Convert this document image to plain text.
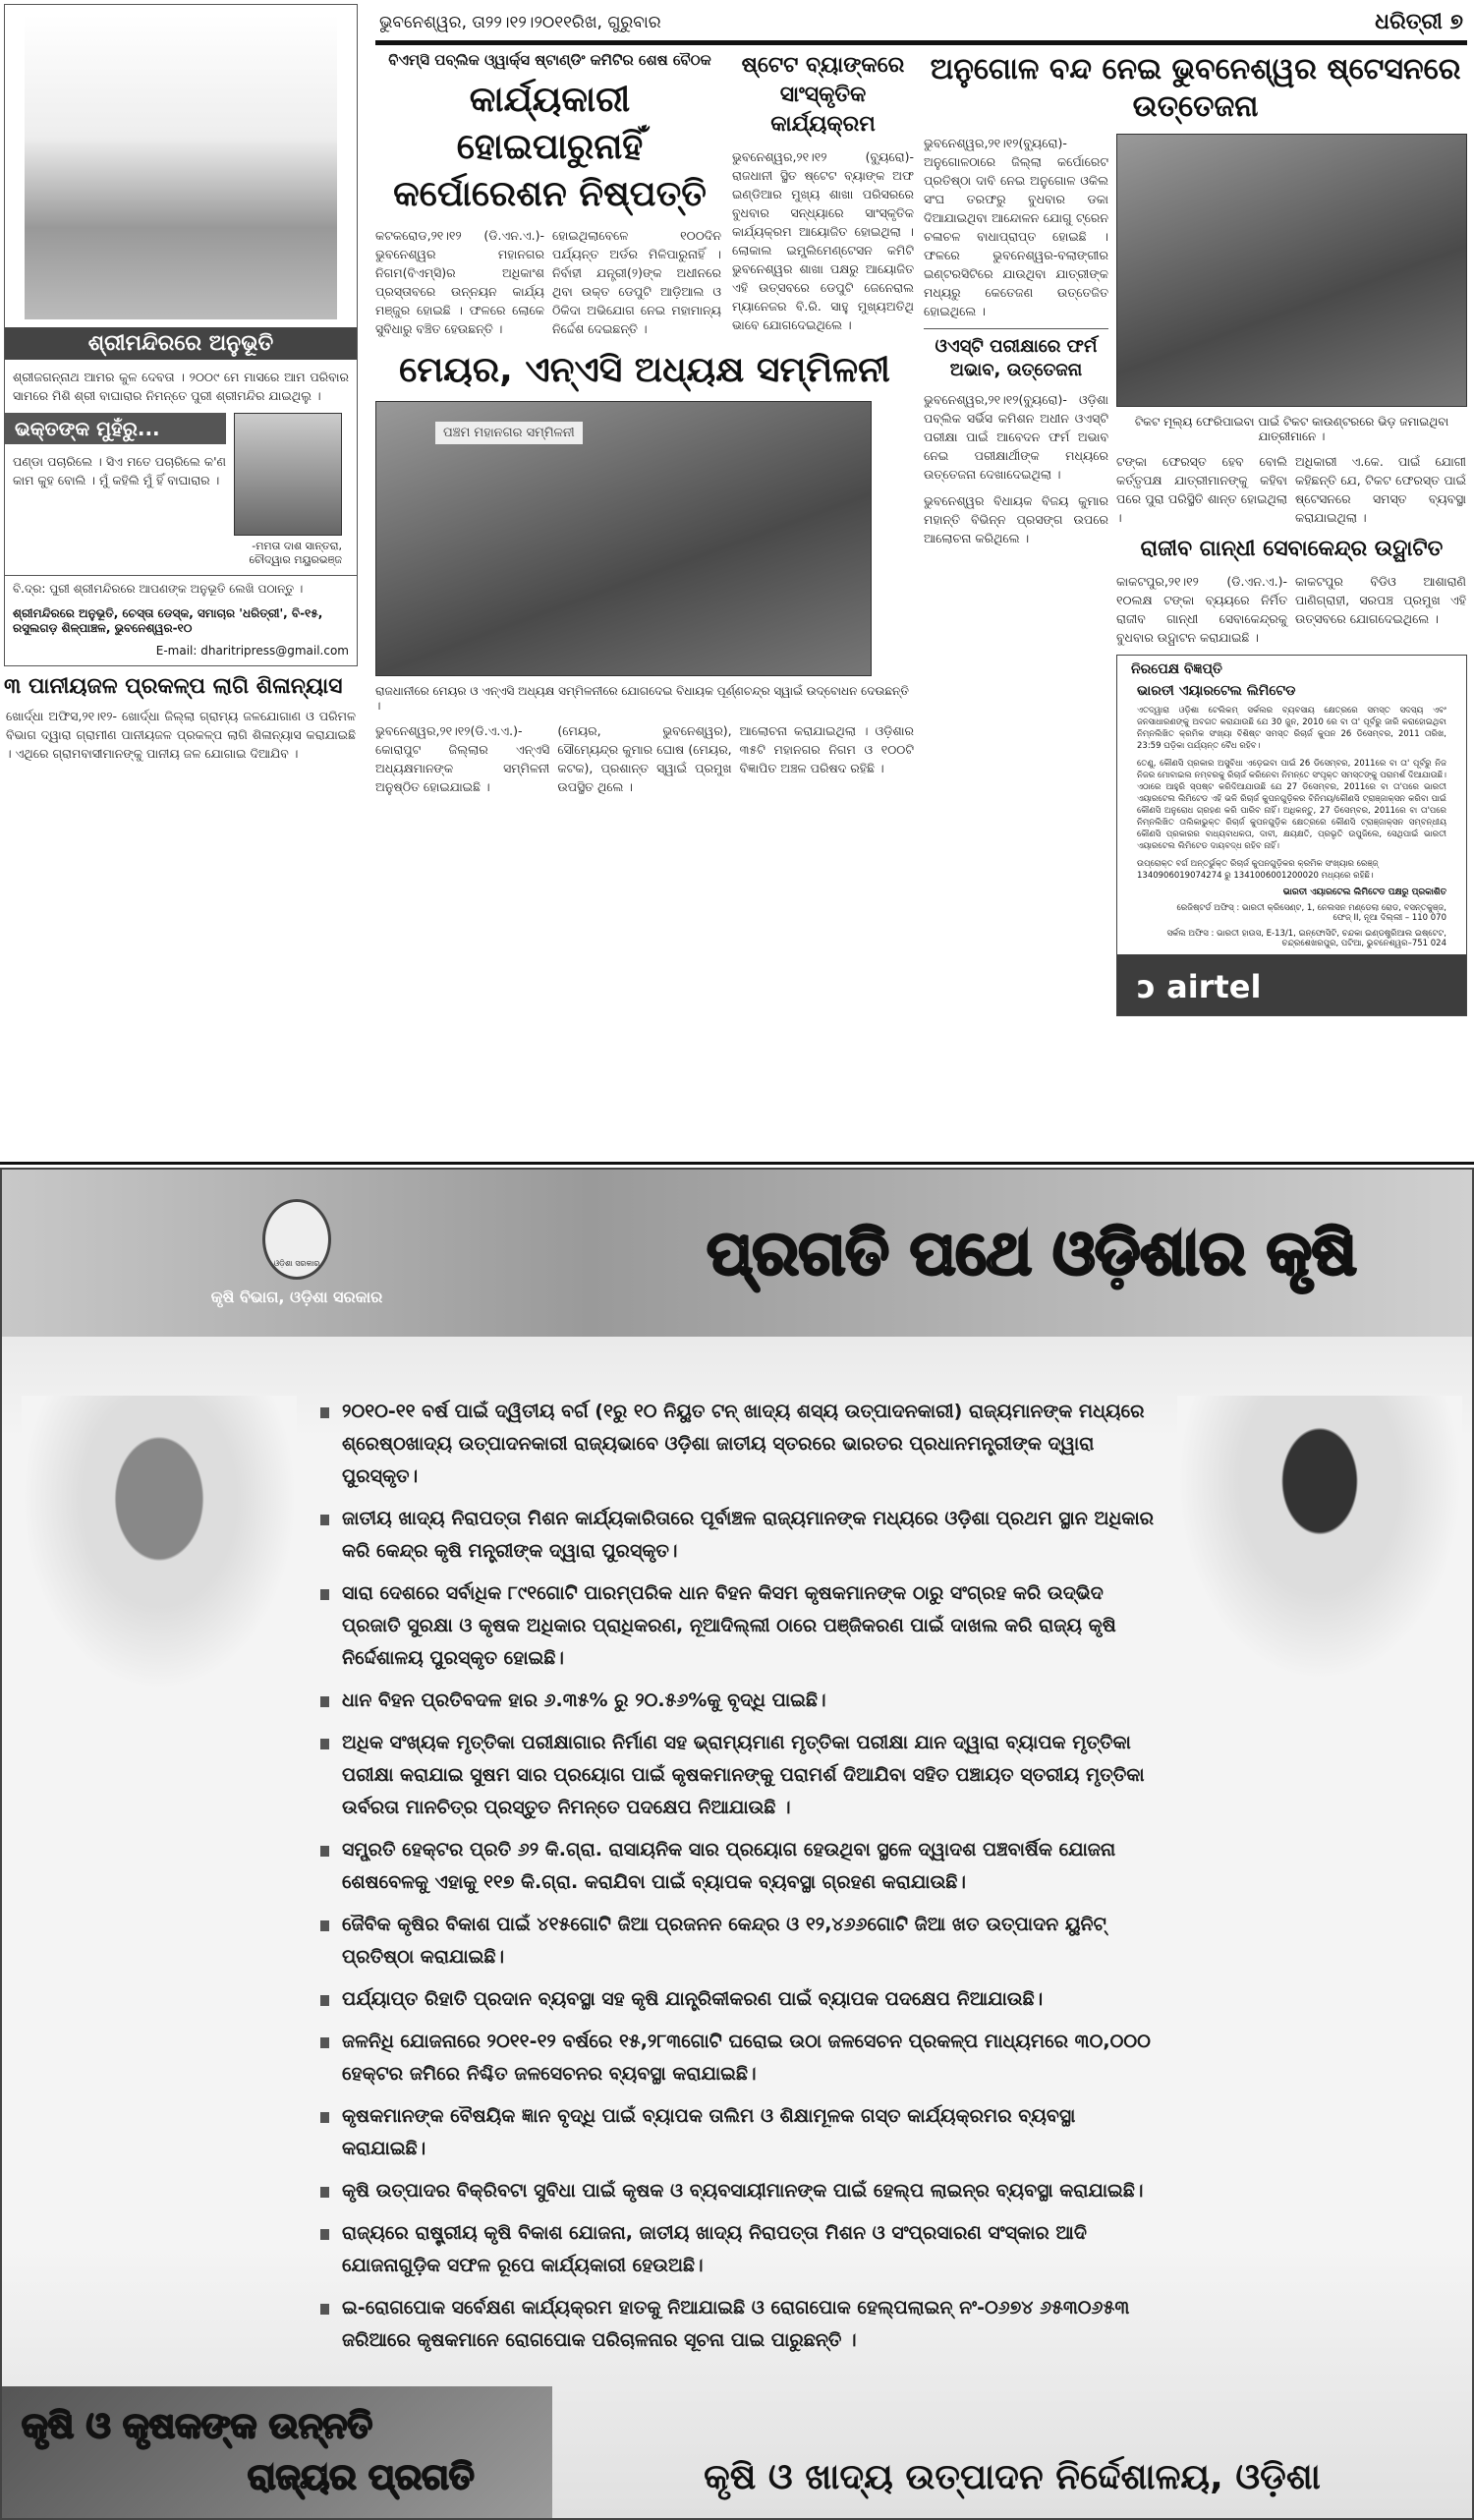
ଶ୍ରୀମନ୍ଦିରରେ ଅନୁଭୂତି
ଶ୍ରୀଜଗନ୍ନାଥ ଆମର କୁଳ ଦେବତା । ୨୦୦୯ ମେ ମାସରେ ଆମ ପରିବାର ସାମରେ ମିଶି ଶ୍ରୀ ବାଘାରାର ନିମନ୍ତେ ପୁରୀ ଶ୍ରୀମନ୍ଦିର ଯାଇଥିଲୁ ।
ଭକ୍ତଙ୍କ ମୁହଁରୁ...
ପଣ୍ଡା ପଚାରିଲେ । ସିଏ ମତେ ପଚାରିଲେ କ'ଣ କାମ କୁହ ବୋଲି । ମୁଁ କହିଲି ମୁଁ ହିଁ ବାଘାରାର ।
-ମମତା ଦାଶ ସାନ୍ତରା, ଚୌଦ୍ୱାର ମୟୁରଭଞ୍ଜ
ବି.ଦ୍ର: ପୁରୀ ଶ୍ରୀମନ୍ଦିରରେ ଆପଣଙ୍କ ଅନୁଭୂତି ଲେଖି ପଠାନ୍ତୁ ।
ଶ୍ରୀମନ୍ଦିରରେ ଅନୁଭୂତି, ଚେସ୍ତା ଡେସ୍କ, ସମାଚାର 'ଧରିତ୍ରୀ', ବି-୧୫, ରସୁଲଗଡ଼ ଶିଳ୍ପାଞ୍ଚଳ, ଭୁବନେଶ୍ୱର-୧୦
E-mail: dharitripress@gmail.com
୩ ପାନୀୟଜଳ ପ୍ରକଳ୍ପ ଲାଗି ଶିଳାନ୍ୟାସ
ଖୋର୍ଦ୍ଧା ଅଫିସ,୨୧।୧୨- ଖୋର୍ଦ୍ଧା ଜିଲ୍ଲା ଗ୍ରାମ୍ୟ ଜଳଯୋଗାଣ ଓ ପରିମଳ ବିଭାଗ ଦ୍ୱାରା ଗ୍ରାମୀଣ ପାନୀୟଜଳ ପ୍ରକଳ୍ପ ଲାଗି ଶିଳାନ୍ୟାସ କରାଯାଇଛି । ଏଥିରେ ଗ୍ରାମବାସୀମାନଙ୍କୁ ପାନୀୟ ଜଳ ଯୋଗାଇ ଦିଆଯିବ ।
ଭୁବନେଶ୍ୱର, ତା୨୨।୧୨।୨୦୧୧ରିଖ, ଗୁରୁବାର	ଧରିତ୍ରୀ ୭
ବିଏମ୍ସି ପବ୍ଲିକ ଓ୍ୱାର୍କ୍ସ ଷ୍ଟାଣ୍ଡିଂ କମିଟିର ଶେଷ ବୈଠକ
କାର୍ଯ୍ୟକାରୀ ହୋଇପାରୁନାହିଁ କର୍ପୋରେଶନ ନିଷ୍ପତ୍ତି
କଟକରୋଡ,୨୧।୧୨ (ଡି.ଏନ.ଏ.)- ଭୁବନେଶ୍ୱର ମହାନଗର ନିଗମ(ବିଏମ୍ସି)ର ଅଧିକାଂଶ ପ୍ରସ୍ତାବରେ ଉନ୍ନୟନ କାର୍ଯ୍ୟ ମଞ୍ଜୁର ହୋଇଛି । ଫଳରେ ଲୋକେ ସୁବିଧାରୁ ବଞ୍ଚିତ ହେଉଛନ୍ତି ।
ହୋଇଥିଲାବେଳେ ୧୦୦ଦିନ ପର୍ଯ୍ୟନ୍ତ ଅର୍ଡର ମିଳିପାରୁନାହିଁ । ନିର୍ବାହୀ ଯନ୍ତ୍ରୀ(୨)ଙ୍କ ଅଧୀନରେ ଥିବା ଉକ୍ତ ଡେପୁଟି ଆଡ଼ିଆଲ ଓ ଠିକିଦା ଅଭିଯୋଗ ନେଇ ମହାମାନ୍ୟ ନିର୍ଦ୍ଦେଶ ଦେଇଛନ୍ତି ।
ଷ୍ଟେଟ ବ୍ୟାଙ୍କରେ ସାଂସ୍କୃତିକ କାର୍ଯ୍ୟକ୍ରମ
ଭୁବନେଶ୍ୱର,୨୧।୧୨ (ବ୍ୟୁରୋ)- ରାଜଧାନୀ ସ୍ଥିତ ଷ୍ଟେଟ ବ୍ୟାଙ୍କ ଅଫ ଇଣ୍ଡିଆର ମୁଖ୍ୟ ଶାଖା ପରିସରରେ ବୁଧବାର ସନ୍ଧ୍ୟାରେ ସାଂସ୍କୃତିକ କାର୍ଯ୍ୟକ୍ରମ ଆୟୋଜିତ ହୋଇଥିଲା । ଲୋକାଲ ଇମ୍ପ୍ଲିମେଣ୍ଟେସନ କମିଟି ଭୁବନେଶ୍ୱର ଶାଖା ପକ୍ଷରୁ ଆୟୋଜିତ ଏହି ଉତ୍ସବରେ ଡେପୁଟି ଜେନେରାଲ ମ୍ୟାନେଜର ବି.ରି. ସାହୁ ମୁଖ୍ୟଅତିଥି ଭାବେ ଯୋଗଦେଇଥିଲେ ।
ମେୟର, ଏନ୍ଏସି ଅଧ୍ୟକ୍ଷ ସମ୍ମିଳନୀ
ପଞ୍ଚମ ମହାନଗର ସମ୍ମିଳନୀ
ରାଜଧାନୀରେ ମେୟର ଓ ଏନ୍ଏସି ଅଧ୍ୟକ୍ଷ ସମ୍ମିଳନୀରେ ଯୋଗଦେଇ ବିଧାୟକ ପୂର୍ଣ୍ଣଚନ୍ଦ୍ର ସ୍ୱାଇଁ ଉଦ୍‌ବୋଧନ ଦେଉଛନ୍ତି ।
ଭୁବନେଶ୍ୱର,୨୧।୧୨(ଡି.ଏ.ଏ.)- କୋରାପୁଟ ଜିଲ୍ଲାର ଏନ୍ଏସି ଅଧ୍ୟକ୍ଷମାନଙ୍କ ସମ୍ମିଳନୀ ଅନୁଷ୍ଠିତ ହୋଇଯାଇଛି ।
(ମେୟର, ଭୁବନେଶ୍ୱର), ସୌମ୍ୟେନ୍ଦ୍ର କୁମାର ଘୋଷ (ମେୟର, କଟକ), ପ୍ରଶାନ୍ତ ସ୍ୱାଇଁ ପ୍ରମୁଖ ଉପସ୍ଥିତ ଥିଲେ ।
ଆଲୋଚନା କରାଯାଇଥିଲା । ଓଡ଼ିଶାର ୩୫ଟି ମହାନଗର ନିଗମ ଓ ୧୦୦ଟି ବିଜ୍ଞାପିତ ଅଞ୍ଚଳ ପରିଷଦ ରହିଛି ।
ଅନୁଗୋଳ ବନ୍ଦ ନେଇ ଭୁବନେଶ୍ୱର ଷ୍ଟେସନରେ ଉତ୍ତେଜନା
ଭୁବନେଶ୍ୱର,୨୧।୧୨(ବ୍ୟୁରୋ)- ଅନୁଗୋଳଠାରେ ଜିଲ୍ଲା କର୍ପୋରେଟ ପ୍ରତିଷ୍ଠା ଦାବି ନେଇ ଅନୁଗୋଳ ଓକିଲ ସଂଘ ତରଫରୁ ବୁଧବାର ଡକା ଦିଆଯାଇଥିବା ଆନ୍ଦୋଳନ ଯୋଗୁ ଟ୍ରେନ ଚଳାଚଳ ବାଧାପ୍ରାପ୍ତ ହୋଇଛି । ଫଳରେ ଭୁବନେଶ୍ୱର-ବଲାଙ୍ଗୀର ଇଣ୍ଟରସିଟିରେ ଯାଉଥିବା ଯାତ୍ରୀଙ୍କ ମଧ୍ୟରୁ କେତେଜଣ ଉତ୍ତେଜିତ ହୋଇଥିଲେ ।
ଓଏସ୍ଟି ପରୀକ୍ଷାରେ ଫର୍ମ ଅଭାବ, ଉତ୍ତେଜନା
ଭୁବନେଶ୍ୱର,୨୧।୧୨(ବ୍ୟୁରୋ)- ଓଡ଼ିଶା ପବ୍ଲିକ ସର୍ଭିସ କମିଶନ ଅଧୀନ ଓଏସ୍ଟି ପରୀକ୍ଷା ପାଇଁ ଆବେଦନ ଫର୍ମ ଅଭାବ ନେଇ ପରୀକ୍ଷାର୍ଥୀଙ୍କ ମଧ୍ୟରେ ଉତ୍ତେଜନା ଦେଖାଦେଇଥିଲା ।
ଭୁବନେଶ୍ୱର ବିଧାୟକ ବିଜୟ କୁମାର ମହାନ୍ତି ବିଭିନ୍ନ ପ୍ରସଙ୍ଗ ଉପରେ ଆଲୋଚନା କରିଥିଲେ ।
ଟିକଟ ମୂଲ୍ୟ ଫେରିପାଇବା ପାଇଁ ଟିକଟ କାଉଣ୍ଟରରେ ଭିଡ଼ ଜମାଇଥିବା ଯାତ୍ରୀମାନେ ।
ଟଙ୍କା ଫେରସ୍ତ ହେବ ବୋଲି କର୍ତ୍ତୃପକ୍ଷ ଯାତ୍ରୀମାନଙ୍କୁ କହିବା ପରେ ପୁରା ପରିସ୍ଥିତି ଶାନ୍ତ ହୋଇଥିଲା ।
ଅଧିକାରୀ ଏ.କେ. ପାଇଁ ଯୋଗୀ କହିଛନ୍ତି ଯେ, ଟିକଟ ଫେରସ୍ତ ପାଇଁ ଷ୍ଟେସନରେ ସମସ୍ତ ବ୍ୟବସ୍ଥା କରାଯାଇଥିଲା ।
ରାଜୀବ ଗାନ୍ଧୀ ସେବାକେନ୍ଦ୍ର ଉଦ୍ଘାଟିତ
କାକଟପୁର,୨୧।୧୨ (ଡି.ଏନ.ଏ.)- ୧୦ଲକ୍ଷ ଟଙ୍କା ବ୍ୟୟରେ ନିର୍ମିତ ରାଜୀବ ଗାନ୍ଧୀ ସେବାକେନ୍ଦ୍ରକୁ ବୁଧବାର ଉଦ୍ଘାଟନ କରାଯାଇଛି ।
କାକଟପୁର ବିଡିଓ ଆଶାରାଣି ପାଣିଗ୍ରାହୀ, ସରପଞ୍ଚ ପ୍ରମୁଖ ଏହି ଉତ୍ସବରେ ଯୋଗଦେଇଥିଲେ ।
ନିରପେକ୍ଷ ବିଜ୍ଞପ୍ତି
ଭାରତୀ ଏୟାରଟେଲ ଲିମିଟେଡ
ଏତଦ୍ୱାରା ଓଡ଼ିଶା ଟେଲିକମ୍ ସର୍କଲର ବ୍ୟବସାୟ କ୍ଷେତ୍ରରେ ସମସ୍ତ ସଦସ୍ୟ ଏବଂ ଜନସାଧାରଣଙ୍କୁ ଅବଗତ କରାଯାଉଛି ଯେ 30 ଜୁନ, 2010 ରେ ବା ତା' ପୂର୍ବରୁ ଜାରି କରାହୋଇଥିବା ନିମ୍ନଲିଖିତ କ୍ରମିକ ସଂଖ୍ୟା ବିଶିଷ୍ଟ ସମସ୍ତ ରିଚାର୍ଜ କୁପନ 26 ଡିସେମ୍ବର, 2011 ତାରିଖ, 23:59 ଘଡ଼ିକା ପର୍ଯ୍ୟନ୍ତ ବୈଧ ରହିବ।
ତେଣୁ, କୌଣସି ପ୍ରକାର ଅସୁବିଧା ଏଡ଼େଇବା ପାଇଁ 26 ଡିସେମ୍ବର, 2011ରେ ବା ତା' ପୂର୍ବରୁ ନିଜ ନିଜର ମୋବାଇଲ ନମ୍ବରକୁ ରିଚାର୍ଜ କରିନେବା ନିମନ୍ତେ ସଂପୃକ୍ତ ସମସ୍ତଙ୍କୁ ପରାମର୍ଶ ଦିଆଯାଉଛି। ଏଠାରେ ଆହୁରି ସ୍ପଷ୍ଟ କରିଦିଆଯାଉଛି ଯେ 27 ଡିସେମ୍ବର, 2011ରେ ବା ତା'ପରେ ଭାରତୀ ଏୟାରଟେଲ ଲିମିଟେଡ ଏହି ଭଳି ରିଚାର୍ଜ କୁପନଗୁଡ଼ିକର ବିନିମୟ/କୌଣସି ଟ୍ରାଞ୍ଜାକ୍ସନ କରିବା ପାଇଁ କୌଣସି ଅନୁରୋଧ ଗ୍ରହଣ କରି ପାରିବ ନାହିଁ। ଅଧିକନ୍ତୁ, 27 ଡିସେମ୍ବର, 2011ରେ ବା ତା'ପରେ ନିମ୍ନଲିଖିତ ତାଲିକାଭୁକ୍ତ ରିଚାର୍ଜ କୁପନଗୁଡ଼ିକ କ୍ଷେତ୍ରରେ କୌଣସି ଟ୍ରାଞ୍ଜାକ୍ସନ ସମ୍ବନ୍ଧୀୟ କୌଣସି ପ୍ରକାରର ବାଧ୍ୟବାଧକତା, ଦାବୀ, କ୍ଷୟକ୍ଷତି, ପ୍ରଭୃତି ଉପୁଜିଲେ, ସେଥିପାଇଁ ଭାରତୀ ଏୟାରଟେଲ ଲିମିଟେଡ ଦାୟବଦ୍ଧ ରହିବ ନାହିଁ।
ଉପ୍ରୋକ୍ତ ବର୍ଗ ଅନ୍ତର୍ଭୁକ୍ତ ରିଚାର୍ଜ କୁପନଗୁଡ଼ିକର କ୍ରମିକ ସଂଖ୍ୟାର ରେଞ୍ଜ୍ 13409060190742​74 ରୁ 1341006001200020 ମଧ୍ୟରେ ରହିଛି।
ଭାରତୀ ଏୟାରଟେଲ ଲିମିଟେଡ ପକ୍ଷରୁ ପ୍ରକାଶିତ
ରେଜିଷ୍ଟର୍ଡ ଅଫିସ୍ : ଭାରତୀ କ୍ରିସେଣ୍ଟ, 1, ନେଲସନ ମଣ୍ଡେଲା ରୋଡ, ବସନ୍ତକୁଞ୍ଜ, ଫେଜ୍ II, ନୂଆ ଦିଲ୍ଲୀ – 110 070
ସର୍କଲ ଅଫିସ : ଭାରତୀ ହାଉସ, E-13/1, ଇନ୍ଫୋସିଟି, ଚନ୍ଦକା ଇଣ୍ଡଷ୍ଟ୍ରିଆଲ ଇଷ୍ଟେଟ, ଚନ୍ଦ୍ରଶେଖରପୁର, ପଟିଆ, ଭୁବନେଶ୍ୱର–751 024
ↄ airtel
ଓଡ଼ିଶା ସରକାର
କୃଷି ବିଭାଗ, ଓଡ଼ିଶା ସରକାର
ପ୍ରଗତି ପଥେ ଓଡ଼ିଶାର କୃଷି
୨୦୧୦-୧୧ ବର୍ଷ ପାଇଁ ଦ୍ୱିତୀୟ ବର୍ଗ (୧ରୁ ୧୦ ନିୟୁତ ଟନ୍ ଖାଦ୍ୟ ଶସ୍ୟ ଉତ୍ପାଦନକାରୀ) ରାଜ୍ୟମାନଙ୍କ ମଧ୍ୟରେ ଶ୍ରେଷ୍ଠଖାଦ୍ୟ ଉତ୍ପାଦନକାରୀ ରାଜ୍ୟଭାବେ ଓଡ଼ିଶା ଜାତୀୟ ସ୍ତରରେ ଭାରତର ପ୍ରଧାନମନ୍ତ୍ରୀଙ୍କ ଦ୍ୱାରା ପୁରସ୍କୃତ।
ଜାତୀୟ ଖାଦ୍ୟ ନିରାପତ୍ତା ମିଶନ କାର୍ଯ୍ୟକାରିତାରେ ପୂର୍ବାଞ୍ଚଳ ରାଜ୍ୟମାନଙ୍କ ମଧ୍ୟରେ ଓଡ଼ିଶା ପ୍ରଥମ ସ୍ଥାନ ଅଧିକାର କରି କେନ୍ଦ୍ର କୃଷି ମନ୍ତ୍ରୀଙ୍କ ଦ୍ୱାରା ପୁରସ୍କୃତ।
ସାରା ଦେଶରେ ସର୍ବାଧିକ ୮୯୧ଗୋଟି ପାରମ୍ପରିକ ଧାନ ବିହନ କିସମ କୃଷକମାନଙ୍କ ଠାରୁ ସଂଗ୍ରହ କରି ଉଦ୍ଭିଦ ପ୍ରଜାତି ସୁରକ୍ଷା ଓ କୃଷକ ଅଧିକାର ପ୍ରାଧିକରଣ, ନୂଆଦିଲ୍ଲୀ ଠାରେ ପଞ୍ଜିକରଣ ପାଇଁ ଦାଖଲ କରି ରାଜ୍ୟ କୃଷି ନିର୍ଦ୍ଦେଶାଳୟ ପୁରସ୍କୃତ ହୋଇଛି।
ଧାନ ବିହନ ପ୍ରତିବଦଳ ହାର ୬.୩୫% ରୁ ୨୦.୫୬%କୁ ବୃଦ୍ଧି ପାଇଛି।
ଅଧିକ ସଂଖ୍ୟକ ମୃତ୍ତିକା ପରୀକ୍ଷାଗାର ନିର୍ମାଣ ସହ ଭ୍ରାମ୍ୟମାଣ ମୃତ୍ତିକା ପରୀକ୍ଷା ଯାନ ଦ୍ୱାରା ବ୍ୟାପକ ମୃତ୍ତିକା ପରୀକ୍ଷା କରାଯାଇ ସୁଷମ ସାର ପ୍ରୟୋଗ ପାଇଁ କୃଷକମାନଙ୍କୁ ପରାମର୍ଶ ଦିଆଯିବା ସହିତ ପଞ୍ଚାୟତ ସ୍ତରୀୟ ମୃତ୍ତିକା ଉର୍ବରତା ମାନଚିତ୍ର ପ୍ରସ୍ତୁତ ନିମନ୍ତେ ପଦକ୍ଷେପ ନିଆଯାଉଛି ।
ସମ୍ପ୍ରତି ହେକ୍ଟର ପ୍ରତି ୬୨ କି.ଗ୍ରା. ରାସାୟନିକ ସାର ପ୍ରୟୋଗ ହେଉଥିବା ସ୍ଥଳେ ଦ୍ୱାଦଶ ପଞ୍ଚବାର୍ଷିକ ଯୋଜନା ଶେଷବେଳକୁ ଏହାକୁ ୧୧୭ କି.ଗ୍ରା. କରାଯିବା ପାଇଁ ବ୍ୟାପକ ବ୍ୟବସ୍ଥା ଗ୍ରହଣ କରାଯାଉଛି।
ଜୈବିକ କୃଷିର ବିକାଶ ପାଇଁ ୪୧୫ଗୋଟି ଜିଆ ପ୍ରଜନନ କେନ୍ଦ୍ର ଓ ୧୨,୪୬୬ଗୋଟି ଜିଆ ଖତ ଉତ୍ପାଦନ ୟୁନିଟ୍ ପ୍ରତିଷ୍ଠା କରାଯାଇଛି।
ପର୍ଯ୍ୟାପ୍ତ ରିହାତି ପ୍ରଦାନ ବ୍ୟବସ୍ଥା ସହ କୃଷି ଯାନ୍ତ୍ରିକୀକରଣ ପାଇଁ ବ୍ୟାପକ ପଦକ୍ଷେପ ନିଆଯାଉଛି।
ଜଳନିଧି ଯୋଜନାରେ ୨୦୧୧-୧୨ ବର୍ଷରେ ୧୫,୨୮୩ଗୋଟି ଘରୋଇ ଉଠା ଜଳସେଚନ ପ୍ରକଳ୍ପ ମାଧ୍ୟମରେ ୩୦,୦୦୦ ହେକ୍ଟର ଜମିରେ ନିଶ୍ଚିତ ଜଳସେଚନର ବ୍ୟବସ୍ଥା କରାଯାଇଛି।
କୃଷକମାନଙ୍କ ବୈଷୟିକ ଜ୍ଞାନ ବୃଦ୍ଧି ପାଇଁ ବ୍ୟାପକ ତାଲିମ ଓ ଶିକ୍ଷାମୂଳକ ଗସ୍ତ କାର୍ଯ୍ୟକ୍ରମର ବ୍ୟବସ୍ଥା କରାଯାଇଛି।
କୃଷି ଉତ୍ପାଦର ବିକ୍ରିବଟା ସୁବିଧା ପାଇଁ କୃଷକ ଓ ବ୍ୟବସାୟୀମାନଙ୍କ ପାଇଁ ହେଲ୍ପ ଲାଇନ୍‌ର ବ୍ୟବସ୍ଥା କରାଯାଇଛି।
ରାଜ୍ୟରେ ରାଷ୍ଟ୍ରୀୟ କୃଷି ବିକାଶ ଯୋଜନା, ଜାତୀୟ ଖାଦ୍ୟ ନିରାପତ୍ତା ମିଶନ ଓ ସଂପ୍ରସାରଣ ସଂସ୍କାର ଆଦି ଯୋଜନାଗୁଡ଼ିକ ସଫଳ ରୂପେ କାର୍ଯ୍ୟକାରୀ ହେଉଅଛି।
ଇ-ରୋଗପୋକ ସର୍ବେକ୍ଷଣ କାର୍ଯ୍ୟକ୍ରମ ହାତକୁ ନିଆଯାଇଛି ଓ ରୋଗପୋକ ହେଲ୍ପଲାଇନ୍ ନଂ-୦୬୭୪ ୬୫୩୦୬୫୩ ଜରିଆରେ କୃଷକମାନେ ରୋଗପୋକ ପରିଚାଳନାର ସୂଚନା ପାଇ ପାରୁଛନ୍ତି ।
କୃଷି ଓ କୃଷକଙ୍କ ଉନ୍ନତି
ରାଜ୍ୟର ପ୍ରଗତି	କୃଷି ଓ ଖାଦ୍ୟ ଉତ୍ପାଦନ ନିର୍ଦ୍ଦେଶାଳୟ, ଓଡ଼ିଶା
